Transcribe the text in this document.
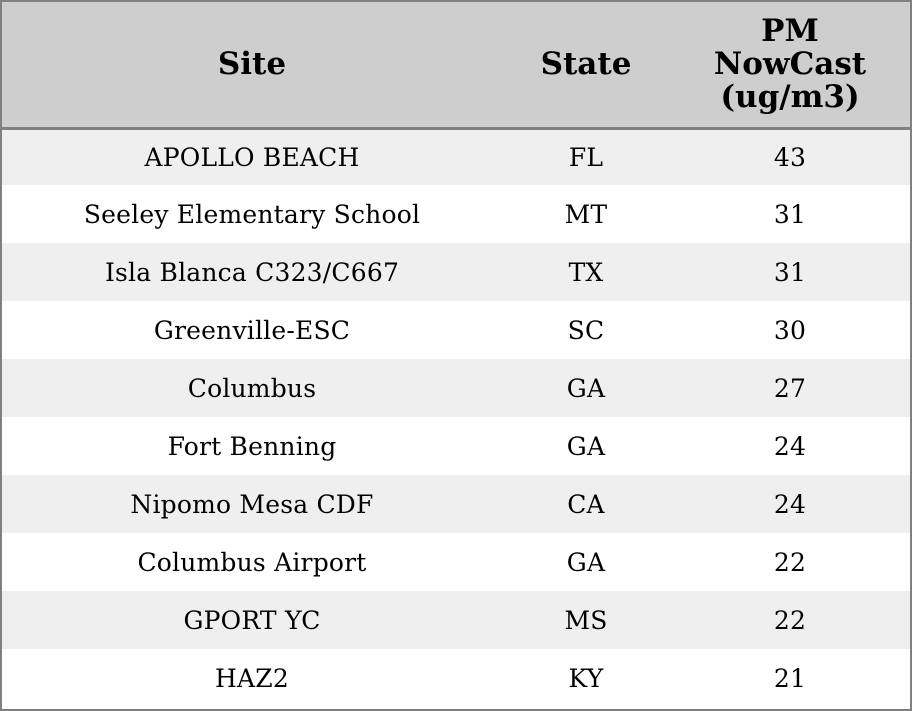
Site	State	PM
NowCast
(ug/m3)
APOLLO BEACH	FL	43
Seeley Elementary School	MT	31
Isla Blanca C323/C667	TX	31
Greenville-ESC	SC	30
Columbus	GA	27
Fort Benning	GA	24
Nipomo Mesa CDF	CA	24
Columbus Airport	GA	22
GPORT YC	MS	22
HAZ2	KY	21
